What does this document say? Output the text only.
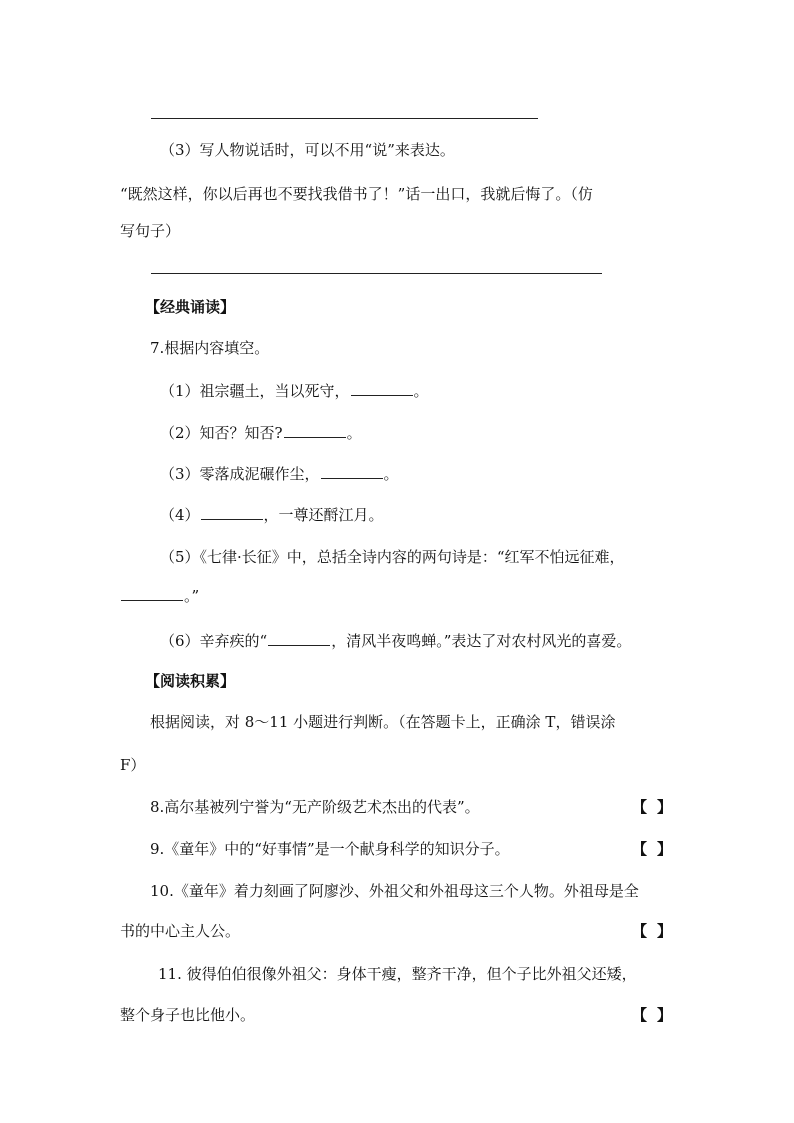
（3）写人物说话时，可以不用“说”来表达。
“既然这样，你以后再也不要找我借书了！”话一出口，我就后悔了。（仿
写句子）
【经典诵读】
7.根据内容填空。
（1）祖宗疆土，当以死守，	。
（2）知否？知否?	。
（3）零落成泥碾作尘，	。
（4）	，一尊还酹江月。
（5）《七律·长征》中，总括全诗内容的两句诗是：“红军不怕远征难，
。”
（6）辛弃疾的“	，清风半夜鸣蝉。”表达了对农村风光的喜爱。
【阅读积累】
根据阅读，对 8～11 小题进行判断。（在答题卡上，正确涂 T，错误涂
F）
8.高尔基被列宁誉为“无产阶级艺术杰出的代表”。	【 】
9.《童年》中的“好事情”是一个献身科学的知识分子。	【 】
10.《童年》着力刻画了阿廖沙、外祖父和外祖母这三个人物。外祖母是全
书的中心主人公。	【 】
11. 彼得伯伯很像外祖父：身体干瘦，整齐干净，但个子比外祖父还矮，
整个身子也比他小。	【 】
